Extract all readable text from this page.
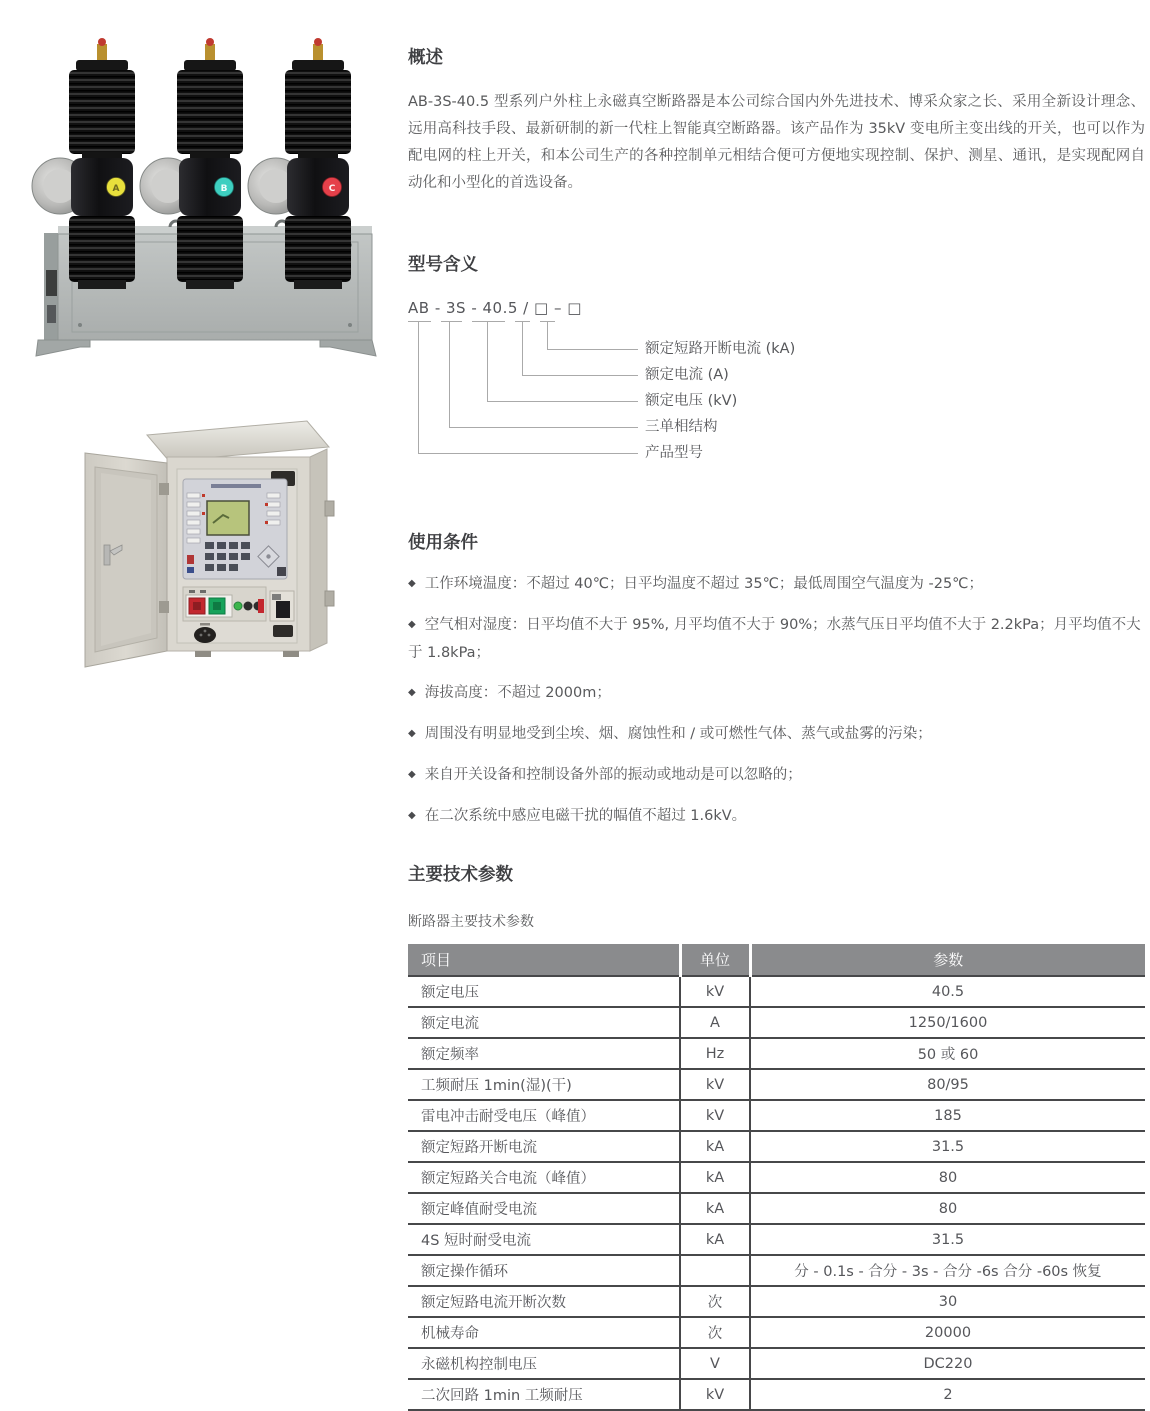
A	B	C
概述

AB-3S-40.5 型系列户外柱上永磁真空断路器是本公司综合国内外先进技术、博采众家之长、采用全新设计理念、远用高科技手段、最新研制的新一代柱上智能真空断路器。该产品作为 35kV 变电所主变出线的开关，也可以作为配电网的柱上开关，和本公司生产的各种控制单元相结合便可方便地实现控制、保护、测星、通讯，是实现配网自动化和小型化的首选设备。

型号含义
AB - 3S - 40.5 / □ – □
额定短路开断电流 (kA)
额定电流 (A)
额定电压 (kV)
三单相结构
产品型号
使用条件
◆ 工作环境温度：不超过 40℃；日平均温度不超过 35℃；最低周围空气温度为 -25℃；
◆ 空气相对湿度：日平均值不大于 95%, 月平均值不大于 90%；水蒸气压日平均值不大于 2.2kPa；月平均值不大于 1.8kPa；
◆ 海拔高度：不超过 2000m；
◆ 周围没有明显地受到尘埃、烟、腐蚀性和 / 或可燃性气体、蒸气或盐雾的污染；
◆ 来自开关设备和控制设备外部的振动或地动是可以忽略的；
◆ 在二次系统中感应电磁干扰的幅值不超过 1.6kV。
主要技术参数

断路器主要技术参数

项目	单位	参数
额定电压	kV	40.5
额定电流	A	1250/1600
额定频率	Hz	50 或 60
工频耐压 1min(湿)(干)	kV	80/95
雷电冲击耐受电压（峰值）	kV	185
额定短路开断电流	kA	31.5
额定短路关合电流（峰值）	kA	80
额定峰值耐受电流	kA	80
4S 短时耐受电流	kA	31.5
额定操作循环		分 - 0.1s - 合分 - 3s - 合分 -6s 合分 -60s 恢复
额定短路电流开断次数	次	30
机械寿命	次	20000
永磁机构控制电压	V	DC220
二次回路 1min 工频耐压	kV	2
